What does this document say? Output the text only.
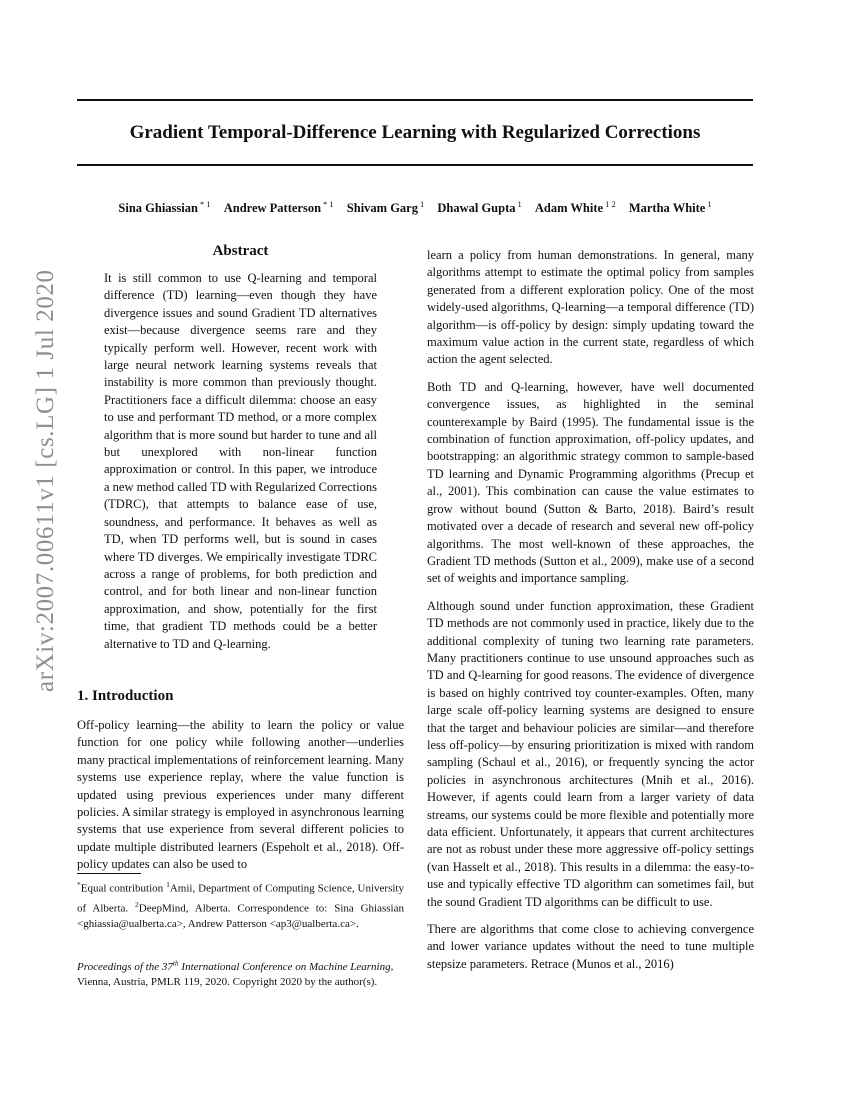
arXiv:2007.00611v1 [cs.LG] 1 Jul 2020
Gradient Temporal-Difference Learning with Regularized Corrections
Sina Ghiassian $^{* 1}$ Andrew Patterson $^{* 1}$ Shivam Garg $^1$ Dhawal Gupta $^1$ Adam White $^{1 2}$ Martha White $^1$
Abstract

It is still common to use Q-learning and temporal difference (TD) learning—even though they have divergence issues and sound Gradient TD alternatives exist—because divergence seems rare and they typically perform well. However, recent work with large neural network learning systems reveals that instability is more common than previously thought. Practitioners face a difficult dilemma: choose an easy to use and performant TD method, or a more complex algorithm that is more sound but harder to tune and all but unexplored with non-linear function approximation or control. In this paper, we introduce a new method called TD with Regularized Corrections (TDRC), that attempts to balance ease of use, soundness, and performance. It behaves as well as TD, when TD performs well, but is sound in cases where TD diverges. We empirically investigate TDRC across a range of problems, for both prediction and control, and for both linear and non-linear function approximation, and show, potentially for the first time, that gradient TD methods could be a better alternative to TD and Q-learning.

1. Introduction

Off-policy learning—the ability to learn the policy or value function for one policy while following another—underlies many practical implementations of reinforcement learning. Many systems use experience replay, where the value function is updated using previous experiences under many different policies. A similar strategy is employed in asynchronous learning systems that use experience from several different policies to update multiple distributed learners (Espeholt et al., 2018). Off-policy updates can also be used to

*Equal contribution $^1$Amii, Department of Computing Science, University of Alberta. $^2$DeepMind, Alberta. Correspondence to: Sina Ghiassian <ghiassia@ualberta.ca>, Andrew Patterson <ap3@ualberta.ca>.

Proceedings of the 37th International Conference on Machine Learning, Vienna, Austria, PMLR 119, 2020. Copyright 2020 by the author(s).

learn a policy from human demonstrations. In general, many algorithms attempt to estimate the optimal policy from samples generated from a different exploration policy. One of the most widely-used algorithms, Q-learning—a temporal difference (TD) algorithm—is off-policy by design: simply updating toward the maximum value action in the current state, regardless of which action the agent selected.

Both TD and Q-learning, however, have well documented convergence issues, as highlighted in the seminal counterexample by Baird (1995). The fundamental issue is the combination of function approximation, off-policy updates, and bootstrapping: an algorithmic strategy common to sample-based TD learning and Dynamic Programming algorithms (Precup et al., 2001). This combination can cause the value estimates to grow without bound (Sutton & Barto, 2018). Baird’s result motivated over a decade of research and several new off-policy algorithms. The most well-known of these approaches, the Gradient TD methods (Sutton et al., 2009), make use of a second set of weights and importance sampling.

Although sound under function approximation, these Gradient TD methods are not commonly used in practice, likely due to the additional complexity of tuning two learning rate parameters. Many practitioners continue to use unsound approaches such as TD and Q-learning for good reasons. The evidence of divergence is based on highly contrived toy counter-examples. Often, many large scale off-policy learning systems are designed to ensure that the target and behaviour policies are similar—and therefore less off-policy—by ensuring prioritization is mixed with random sampling (Schaul et al., 2016), or frequently syncing the actor policies in asynchronous architectures (Mnih et al., 2016). However, if agents could learn from a larger variety of data streams, our systems could be more flexible and potentially more data efficient. Unfortunately, it appears that current architectures are not as robust under these more aggressive off-policy settings (van Hasselt et al., 2018). This results in a dilemma: the easy-to-use and typically effective TD algorithm can sometimes fail, but the sound Gradient TD algorithms can be difficult to use.

There are algorithms that come close to achieving convergence and lower variance updates without the need to tune multiple stepsize parameters. Retrace (Munos et al., 2016)
